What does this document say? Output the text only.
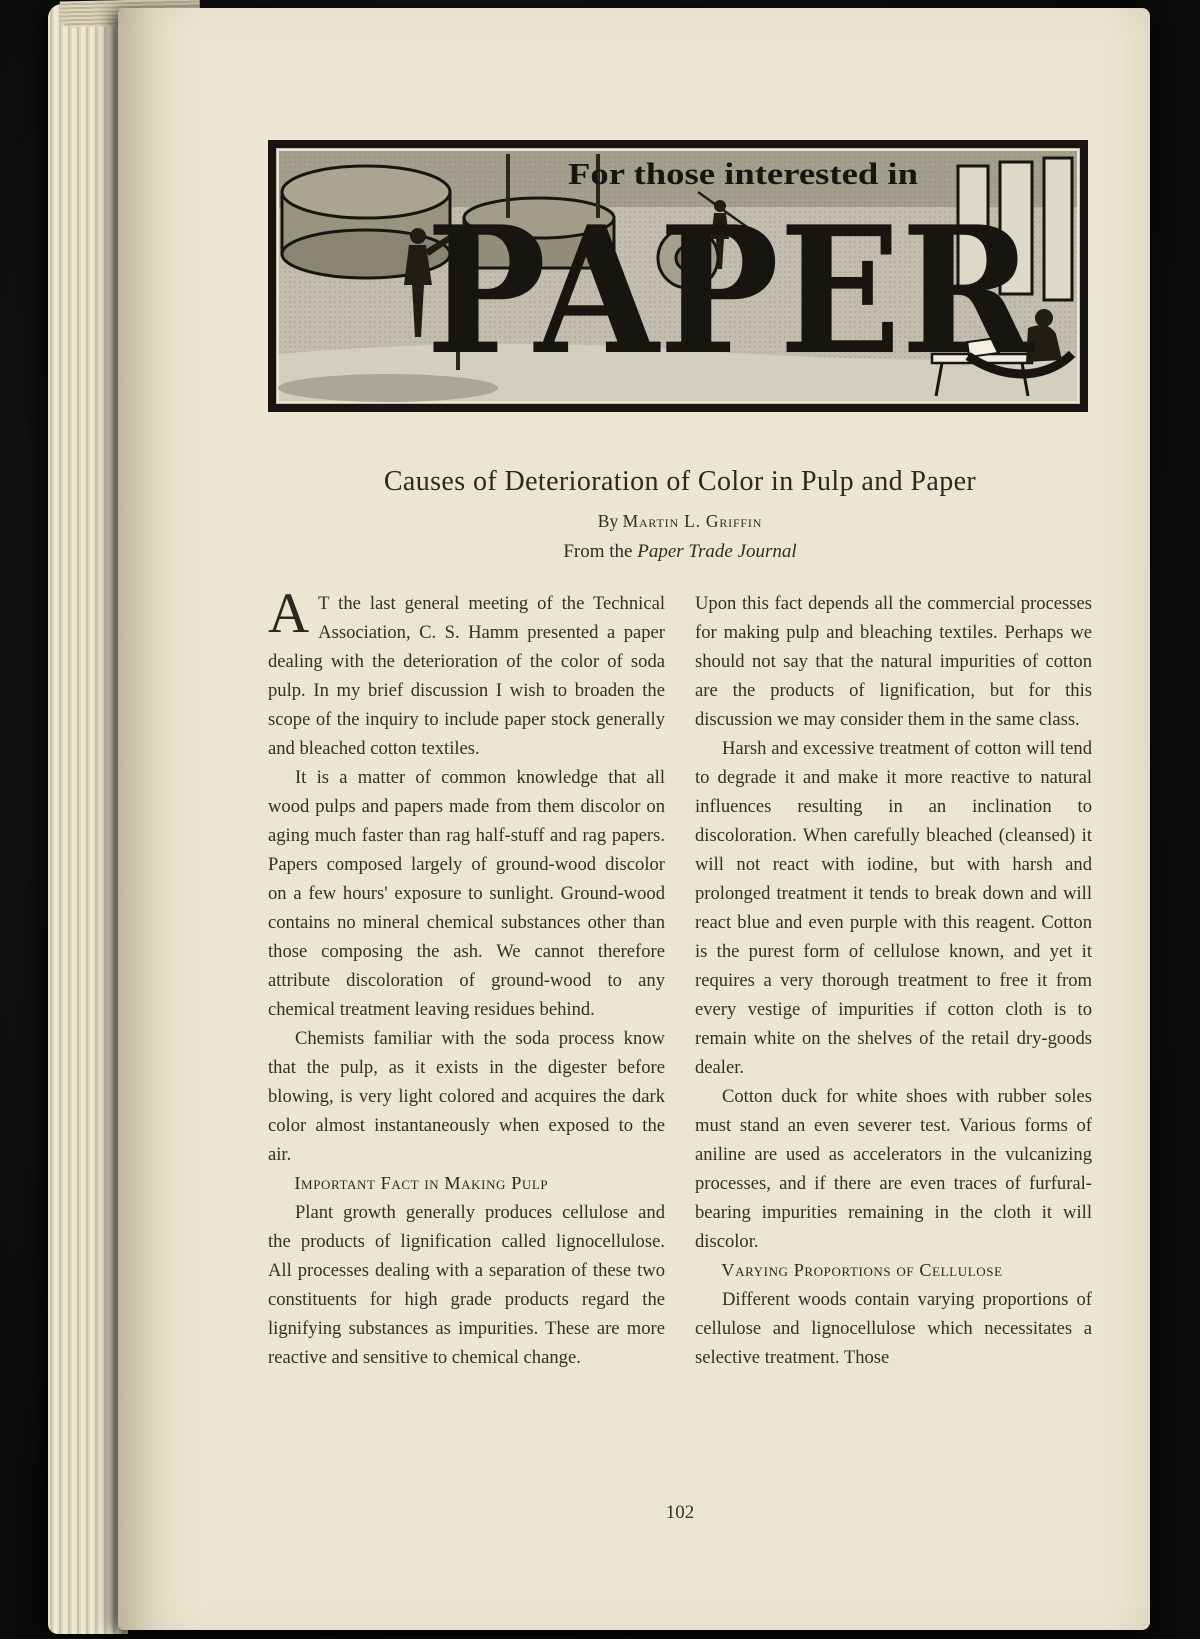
For those interested in
PAPER
Causes of Deterioration of Color in Pulp and Paper
By Martin L. Griffin
From the Paper Trade Journal

A T the last general meeting of the Technical Association, C. S. Hamm presented a paper dealing with the deterioration of the color of soda pulp. In my brief discussion I wish to broaden the scope of the inquiry to include paper stock generally and bleached cotton textiles.

It is a matter of common knowledge that all wood pulps and papers made from them discolor on aging much faster than rag half-stuff and rag papers. Papers composed largely of ground-wood discolor on a few hours' exposure to sunlight. Ground-wood contains no mineral chemical substances other than those composing the ash. We cannot therefore attribute discoloration of ground-wood to any chemical treatment leaving residues behind.

Chemists familiar with the soda process know that the pulp, as it exists in the digester before blowing, is very light colored and acquires the dark color almost instantaneously when exposed to the air.

Important Fact in Making Pulp

Plant growth generally produces cellulose and the products of lignification called lignocellulose. All processes dealing with a separation of these two constituents for high grade products regard the lignifying substances as impurities. These are more reactive and sensitive to chemical change.

Upon this fact depends all the commercial processes for making pulp and bleaching textiles. Perhaps we should not say that the natural impurities of cotton are the products of lignification, but for this discussion we may consider them in the same class.

Harsh and excessive treatment of cotton will tend to degrade it and make it more reactive to natural influences resulting in an inclination to discoloration. When carefully bleached (cleansed) it will not react with iodine, but with harsh and prolonged treatment it tends to break down and will react blue and even purple with this reagent. Cotton is the purest form of cellulose known, and yet it requires a very thorough treatment to free it from every vestige of impurities if cotton cloth is to remain white on the shelves of the retail dry-goods dealer.

Cotton duck for white shoes with rubber soles must stand an even severer test. Various forms of aniline are used as accelerators in the vulcanizing processes, and if there are even traces of furfural-bearing impurities remaining in the cloth it will discolor.

Varying Proportions of Cellulose

Different woods contain varying proportions of cellulose and lignocellulose which necessitates a selective treatment. Those

102
